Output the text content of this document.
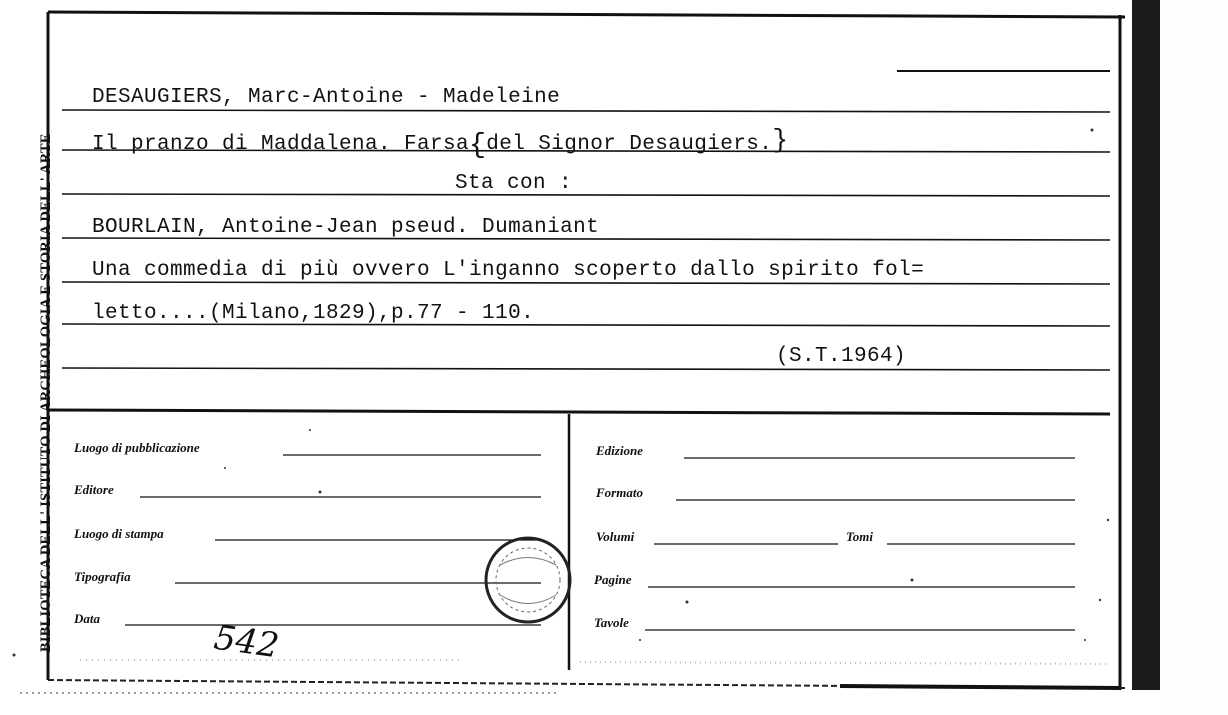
BIBLIOTECA DELL' ISTITUTO DI ARCHEOLOGIA E STORIA DELL' ARTE
DESAUGIERS, Marc-Antoine - Madeleine
Il pranzo di Maddalena. Farsa{del Signor Desaugiers.}
Sta con :
BOURLAIN, Antoine-Jean pseud. Dumaniant
Una commedia di più ovvero L'inganno scoperto dallo spirito fol=
letto....(Milano,1829),p.77 - 110.
(S.T.1964)
Luogo di pubblicazione
Editore
Luogo di stampa
Tipografia
Data
Edizione
Formato
Volumi	Tomi
Pagine
Tavole
542
